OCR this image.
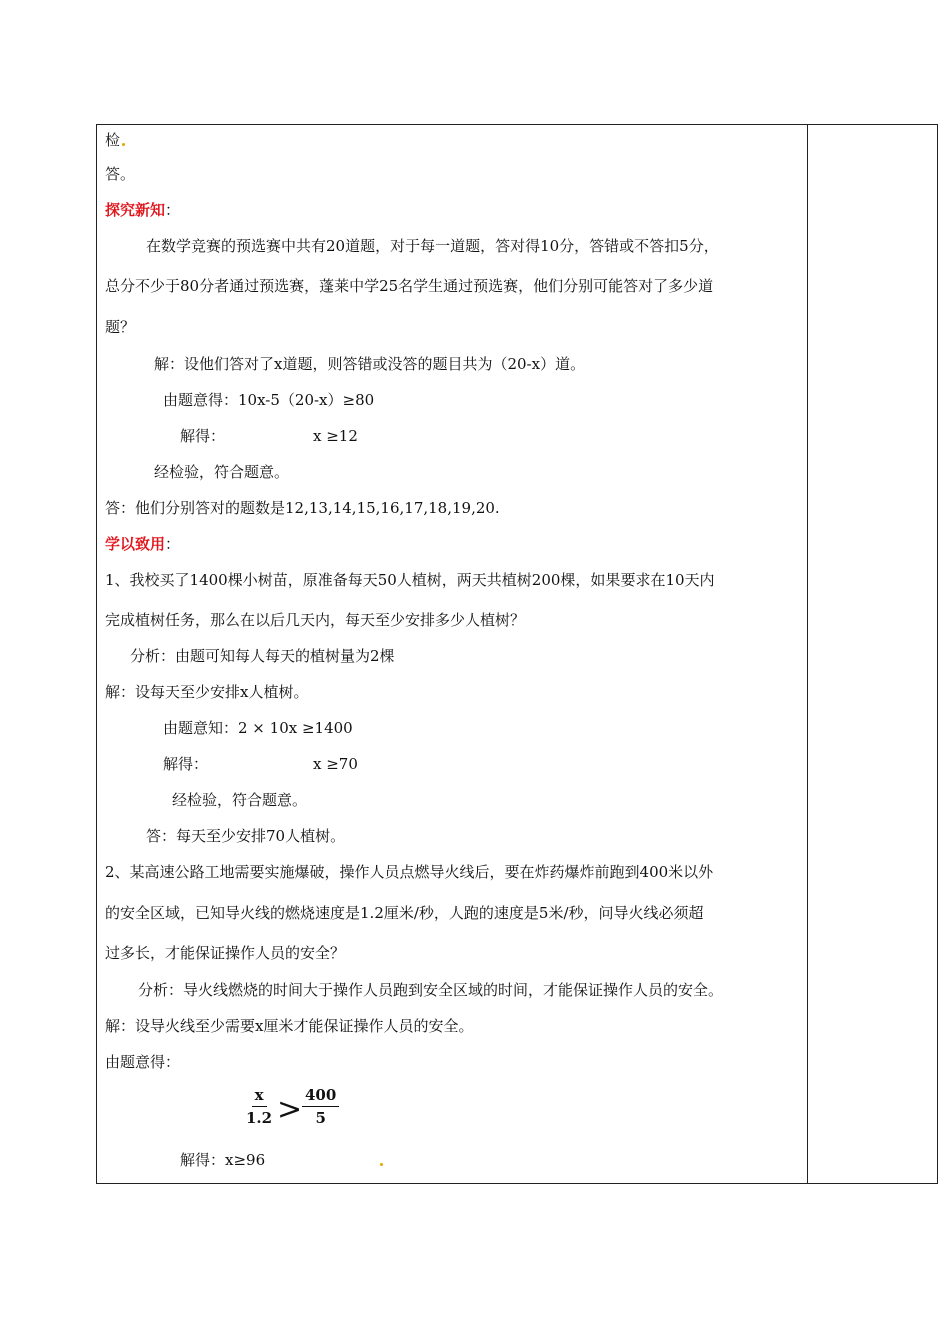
检
答。
探究新知：
在数学竞赛的预选赛中共有20道题，对于每一道题，答对得10分，答错或不答扣5分，
总分不少于80分者通过预选赛，蓬莱中学25名学生通过预选赛，他们分别可能答对了多少道
题？
解：设他们答对了x道题，则答错或没答的题目共为（20-x）道。
由题意得：10x-5（20-x）≥80
解得：	x ≥12
经检验，符合题意。
答：他们分别答对的题数是12,13,14,15,16,17,18,19,20.
学以致用：
1、我校买了1400棵小树苗，原准备每天50人植树，两天共植树200棵，如果要求在10天内
完成植树任务，那么在以后几天内，每天至少安排多少人植树？
分析：由题可知每人每天的植树量为2棵
解：设每天至少安排x人植树。
由题意知：2 × 10x ≥1400
解得：	x ≥70
经检验，符合题意。
答：每天至少安排70人植树。
2、某高速公路工地需要实施爆破，操作人员点燃导火线后，要在炸药爆炸前跑到400米以外
的安全区域，已知导火线的燃烧速度是1.2厘米/秒，人跑的速度是5米/秒，问导火线必须超
过多长，才能保证操作人员的安全？
分析：导火线燃烧的时间大于操作人员跑到安全区域的时间，才能保证操作人员的安全。
解：设导火线至少需要x厘米才能保证操作人员的安全。
由题意得：
$\frac{x}{1.2} > \frac{400}{5}$
解得：x≥96
